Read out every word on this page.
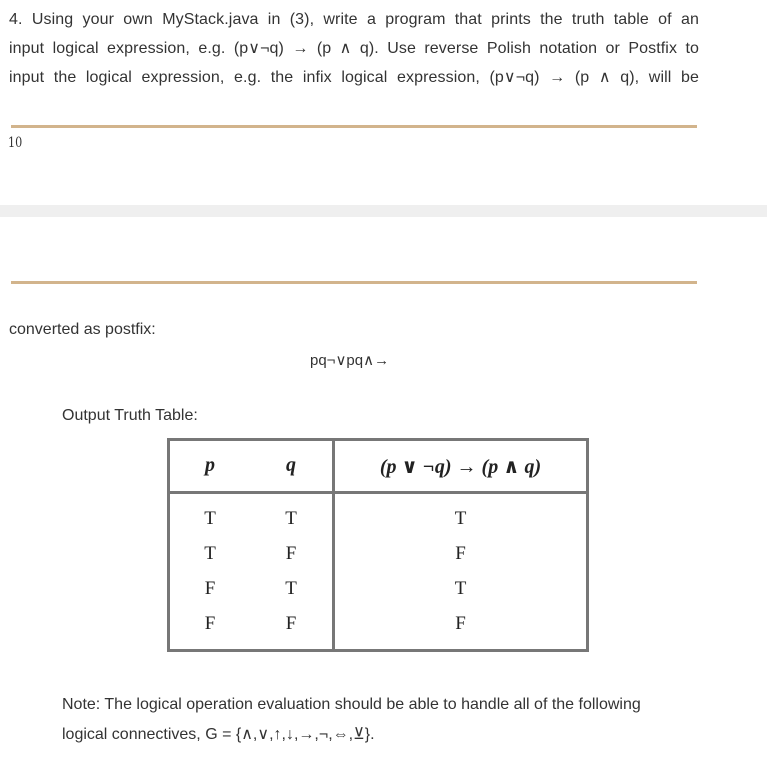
4. Using your own MyStack.java in (3), write a program that prints the truth table of an
input logical expression, e.g. (p∨¬q) → (p ∧ q). Use reverse Polish notation or Postfix to
input the logical expression, e.g. the infix logical expression, (p∨¬q) → (p ∧ q), will be
10
converted as postfix:
pq¬∨pq∧→
Output Truth Table:
p	q	(p ∨ ¬q) → (p ∧ q)
T	T	T
T	F	F
F	T	T
F	F	F
Note: The logical operation evaluation should be able to handle all of the following
logical connectives, G = {∧,∨,↑,↓,→,¬,⇔,⊻}.
